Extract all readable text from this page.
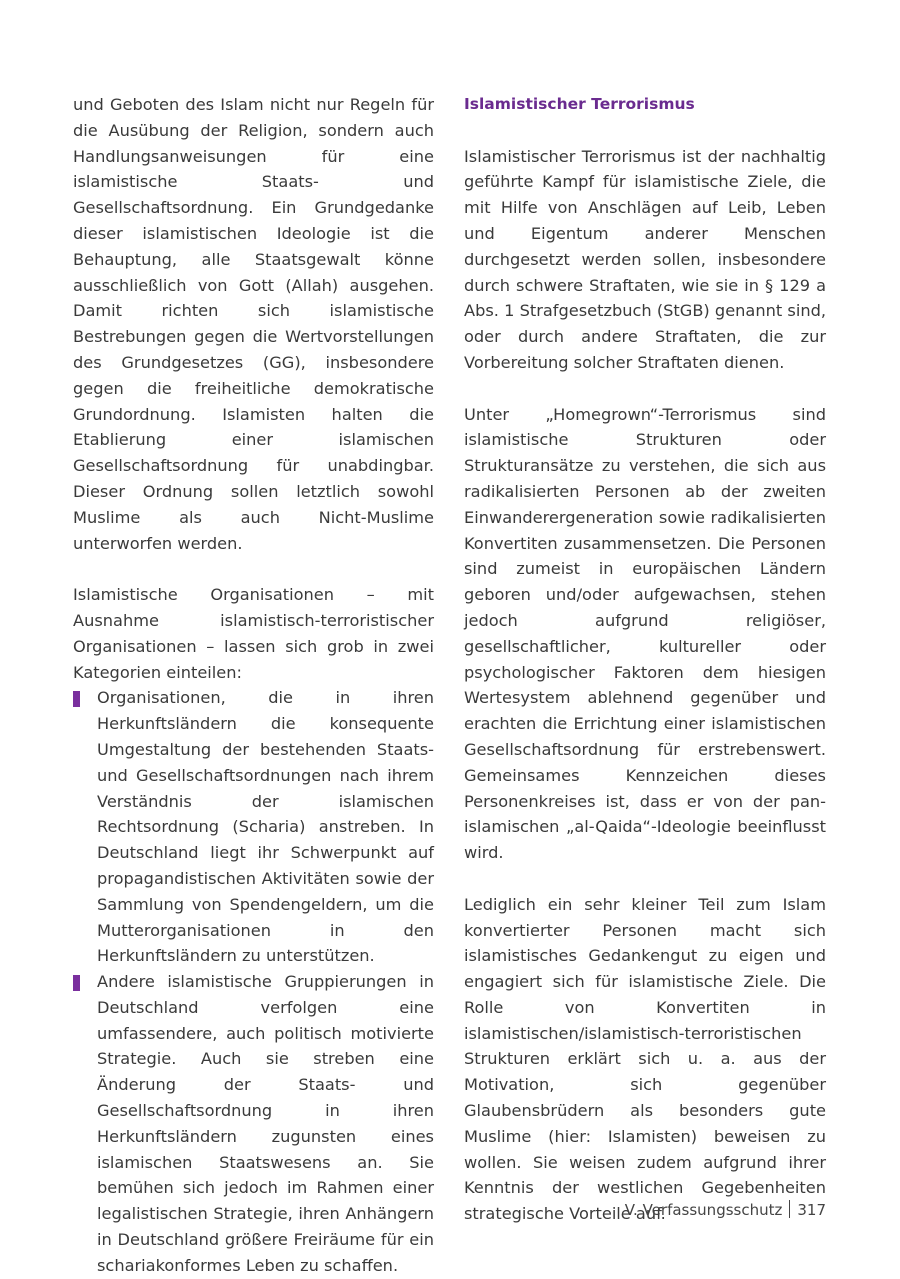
und Geboten des Islam nicht nur Regeln für die Ausübung der Religion, sondern auch Handlungsanweisungen für eine islamistische Staats- und Gesellschaftsordnung. Ein Grundgedanke dieser islamistischen Ideologie ist die Behauptung, alle Staatsgewalt könne ausschließlich von Gott (Allah) ausgehen. Damit richten sich islamistische Bestrebungen gegen die Wertvorstellungen des Grundgesetzes (GG), insbesondere gegen die freiheitliche demokratische Grundordnung. Islamisten halten die Etablierung einer islamischen Gesellschaftsordnung für unabdingbar. Dieser Ordnung sollen letztlich sowohl Muslime als auch Nicht-Muslime unterworfen werden.

Islamistische Organisationen – mit Ausnahme islamistisch-terroristischer Organisationen – lassen sich grob in zwei Kategorien einteilen:

Organisationen, die in ihren Herkunftsländern die konsequente Umgestaltung der bestehenden Staats- und Gesellschaftsordnungen nach ihrem Verständnis der islamischen Rechtsordnung (Scharia) anstreben. In Deutschland liegt ihr Schwerpunkt auf propagandistischen Aktivitäten sowie der Sammlung von Spendengeldern, um die Mutterorganisationen in den Herkunftsländern zu unterstützen.
Andere islamistische Gruppierungen in Deutschland verfolgen eine umfassendere, auch politisch motivierte Strategie. Auch sie streben eine Änderung der Staats- und Gesellschaftsordnung in ihren Herkunftsländern zugunsten eines islamischen Staatswesens an. Sie bemühen sich jedoch im Rahmen einer legalistischen Strategie, ihren Anhängern in Deutschland größere Freiräume für ein schariakonformes Leben zu schaffen.
Islamistischer Terrorismus

Islamistischer Terrorismus ist der nachhaltig geführte Kampf für islamistische Ziele, die mit Hilfe von Anschlägen auf Leib, Leben und Eigentum anderer Menschen durchgesetzt werden sollen, insbesondere durch schwere Straftaten, wie sie in § 129 a Abs. 1 Strafgesetzbuch (StGB) genannt sind, oder durch andere Straftaten, die zur Vorbereitung solcher Straftaten dienen.

Unter „Homegrown“-Terrorismus sind islamistische Strukturen oder Strukturansätze zu verstehen, die sich aus radikalisierten Personen ab der zweiten Einwanderergeneration sowie radikalisierten Konvertiten zusammensetzen. Die Personen sind zumeist in europäischen Ländern geboren und/oder aufgewachsen, stehen jedoch aufgrund religiöser, gesellschaftlicher, kultureller oder psychologischer Faktoren dem hiesigen Wertesystem ablehnend gegenüber und erachten die Errichtung einer islamistischen Gesellschaftsordnung für erstrebenswert. Gemeinsames Kennzeichen dieses Personenkreises ist, dass er von der pan-islamischen „al-Qaida“-Ideologie beeinflusst wird.

Lediglich ein sehr kleiner Teil zum Islam konvertierter Personen macht sich islamistisches Gedankengut zu eigen und engagiert sich für islamistische Ziele. Die Rolle von Konvertiten in islamistischen/islamistisch-terroristischen Strukturen erklärt sich u. a. aus der Motivation, sich gegenüber Glaubensbrüdern als besonders gute Muslime (hier: Islamisten) beweisen zu wollen. Sie weisen zudem aufgrund ihrer Kenntnis der westlichen Gegebenheiten strategische Vorteile auf.

V. Verfassungsschutz 317
